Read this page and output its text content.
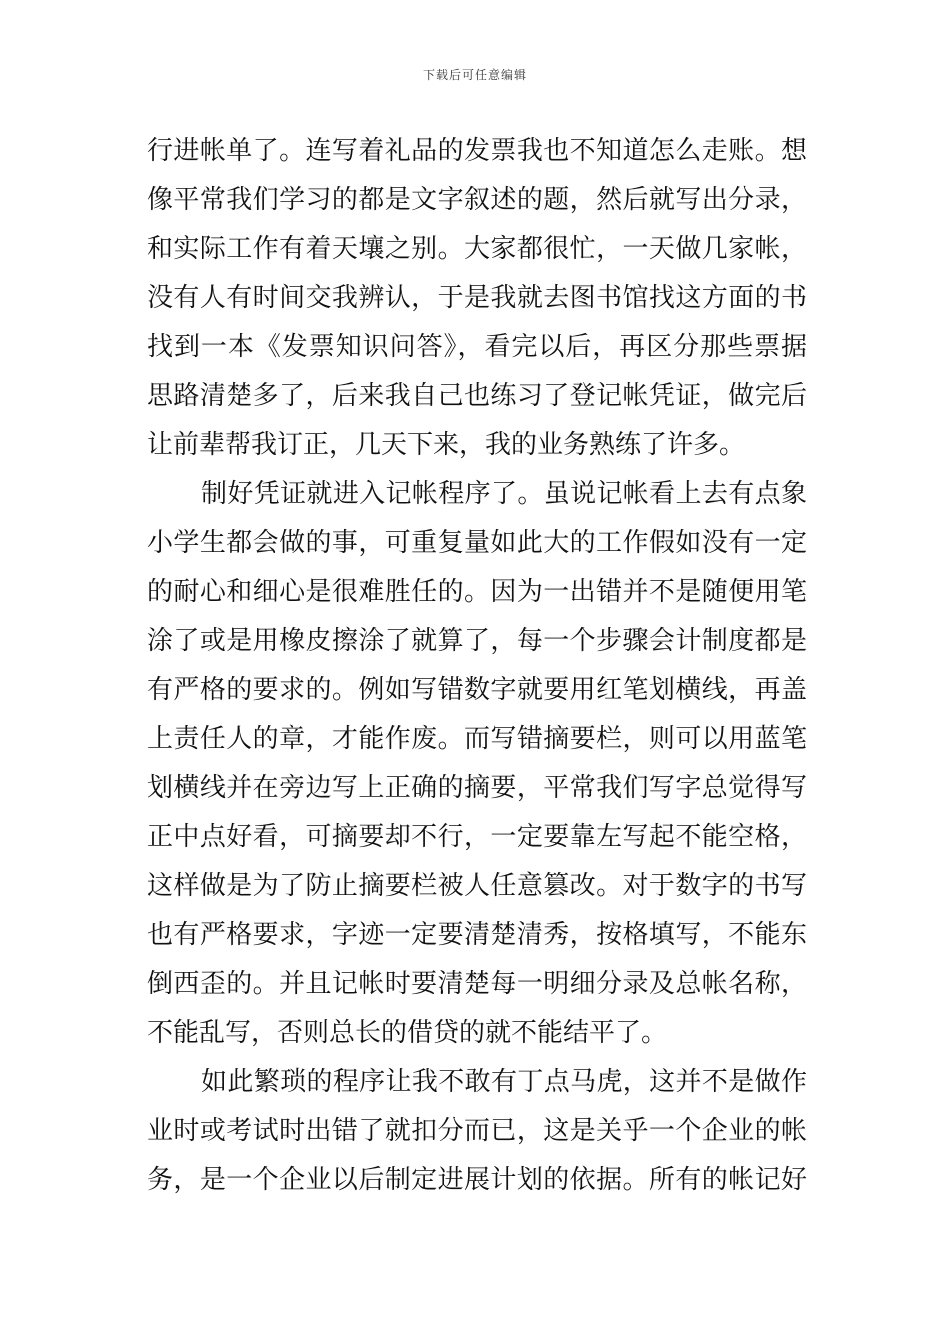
下载后可任意编辑
行进帐单了。连写着礼品的发票我也不知道怎么走账。想
像平常我们学习的都是文字叙述的题，然后就写出分录，
和实际工作有着天壤之别。大家都很忙，一天做几家帐，
没有人有时间交我辨认，于是我就去图书馆找这方面的书
找到一本《发票知识问答》，看完以后，再区分那些票据
思路清楚多了，后来我自己也练习了登记帐凭证，做完后
让前辈帮我订正，几天下来，我的业务熟练了许多。
制好凭证就进入记帐程序了。虽说记帐看上去有点象
小学生都会做的事，可重复量如此大的工作假如没有一定
的耐心和细心是很难胜任的。因为一出错并不是随便用笔
涂了或是用橡皮擦涂了就算了，每一个步骤会计制度都是
有严格的要求的。例如写错数字就要用红笔划横线，再盖
上责任人的章，才能作废。而写错摘要栏，则可以用蓝笔
划横线并在旁边写上正确的摘要，平常我们写字总觉得写
正中点好看，可摘要却不行，一定要靠左写起不能空格，
这样做是为了防止摘要栏被人任意篡改。对于数字的书写
也有严格要求，字迹一定要清楚清秀，按格填写，不能东
倒西歪的。并且记帐时要清楚每一明细分录及总帐名称，
不能乱写，否则总长的借贷的就不能结平了。
如此繁琐的程序让我不敢有丁点马虎，这并不是做作
业时或考试时出错了就扣分而已，这是关乎一个企业的帐
务，是一个企业以后制定进展计划的依据。所有的帐记好
